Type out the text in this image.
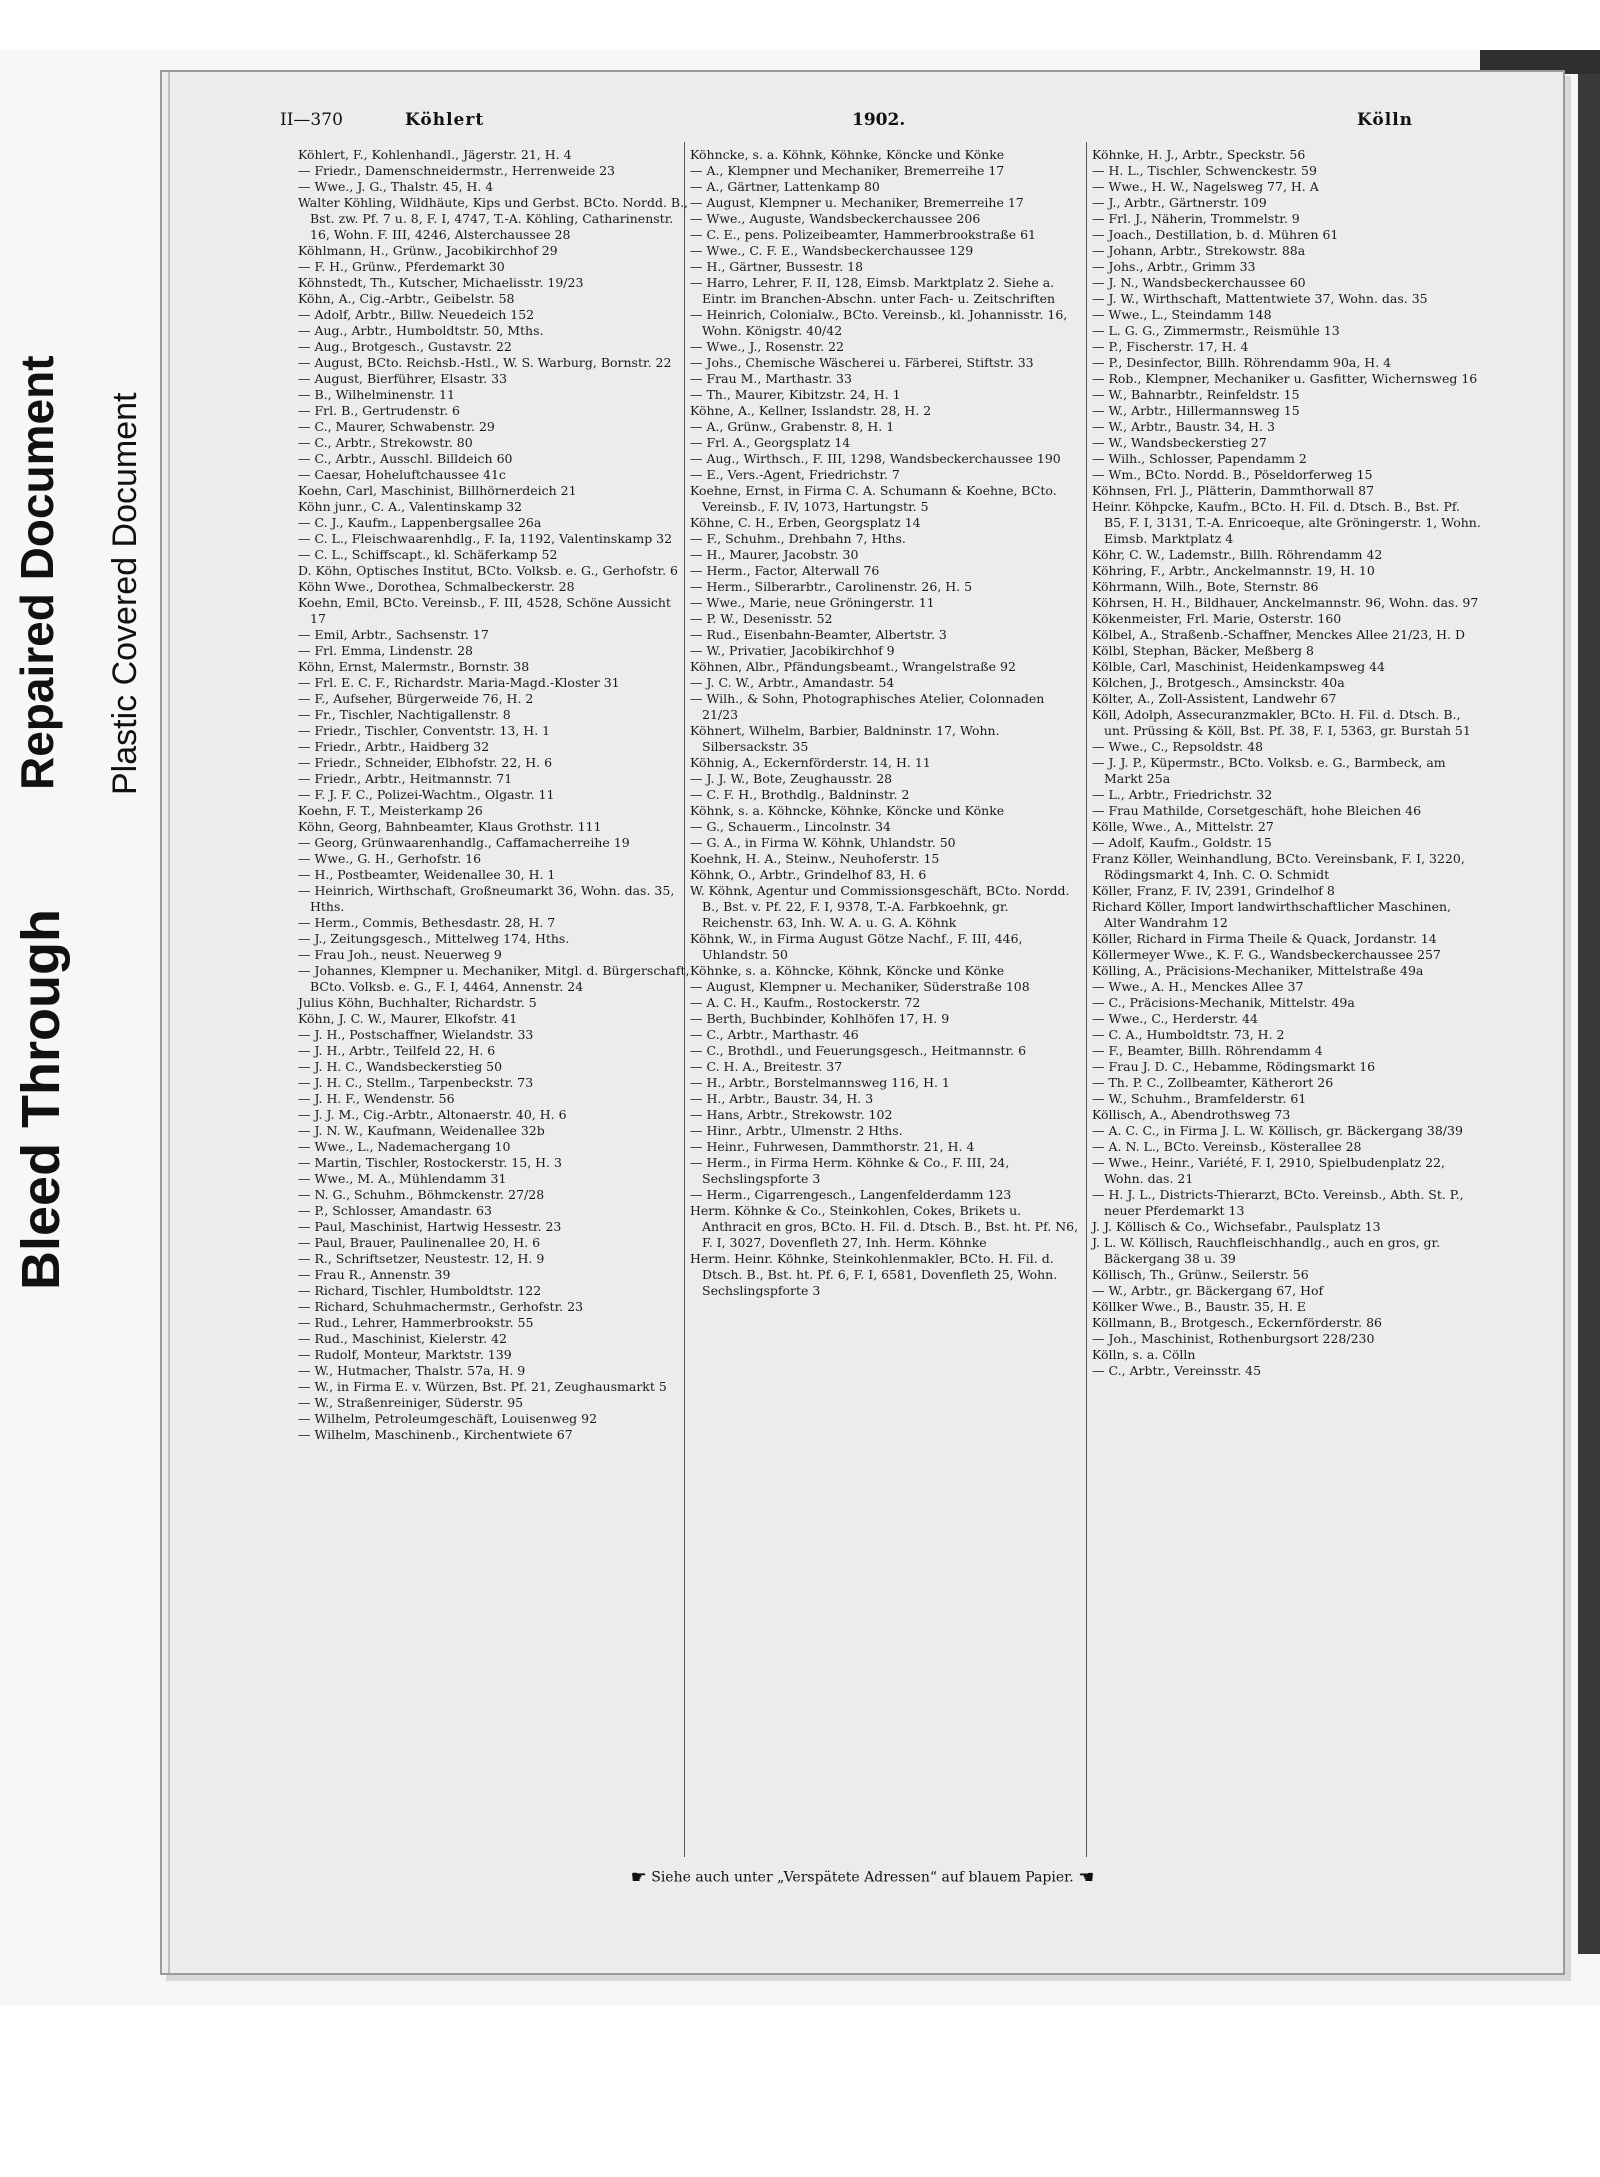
Repaired Document
Bleed Through
Plastic Covered Document
II—370	Köhlert	1902.	Kölln

Köhlert, F., Kohlenhandl., Jägerstr. 21, H. 4

— Friedr., Damenschneidermstr., Herrenweide 23

— Wwe., J. G., Thalstr. 45, H. 4

Walter Köhling, Wildhäute, Kips und Gerbst. BCto. Nordd. B., Bst. zw. Pf. 7 u. 8, F. I, 4747, T.-A. Köhling, Catharinenstr. 16, Wohn. F. III, 4246, Alsterchaussee 28

Köhlmann, H., Grünw., Jacobikirchhof 29

— F. H., Grünw., Pferdemarkt 30

Köhnstedt, Th., Kutscher, Michaelisstr. 19/23

Köhn, A., Cig.-Arbtr., Geibelstr. 58

— Adolf, Arbtr., Billw. Neuedeich 152

— Aug., Arbtr., Humboldtstr. 50, Mths.

— Aug., Brotgesch., Gustavstr. 22

— August, BCto. Reichsb.-Hstl., W. S. Warburg, Bornstr. 22

— August, Bierführer, Elsastr. 33

— B., Wilhelminenstr. 11

— Frl. B., Gertrudenstr. 6

— C., Maurer, Schwabenstr. 29

— C., Arbtr., Strekowstr. 80

— C., Arbtr., Ausschl. Billdeich 60

— Caesar, Hoheluftchaussee 41c

Koehn, Carl, Maschinist, Billhörnerdeich 21

Köhn junr., C. A., Valentinskamp 32

— C. J., Kaufm., Lappenbergsallee 26a

— C. L., Fleischwaarenhdlg., F. Ia, 1192, Valentinskamp 32

— C. L., Schiffscapt., kl. Schäferkamp 52

D. Köhn, Optisches Institut, BCto. Volksb. e. G., Gerhofstr. 6

Köhn Wwe., Dorothea, Schmalbeckerstr. 28

Koehn, Emil, BCto. Vereinsb., F. III, 4528, Schöne Aussicht 17

— Emil, Arbtr., Sachsenstr. 17

— Frl. Emma, Lindenstr. 28

Köhn, Ernst, Malermstr., Bornstr. 38

— Frl. E. C. F., Richardstr. Maria-Magd.-Kloster 31

— F., Aufseher, Bürgerweide 76, H. 2

— Fr., Tischler, Nachtigallenstr. 8

— Friedr., Tischler, Conventstr. 13, H. 1

— Friedr., Arbtr., Haidberg 32

— Friedr., Schneider, Elbhofstr. 22, H. 6

— Friedr., Arbtr., Heitmannstr. 71

— F. J. F. C., Polizei-Wachtm., Olgastr. 11

Koehn, F. T., Meisterkamp 26

Köhn, Georg, Bahnbeamter, Klaus Grothstr. 111

— Georg, Grünwaarenhandlg., Caffamacherreihe 19

— Wwe., G. H., Gerhofstr. 16

— H., Postbeamter, Weidenallee 30, H. 1

— Heinrich, Wirthschaft, Großneumarkt 36, Wohn. das. 35, Hths.

— Herm., Commis, Bethesdastr. 28, H. 7

— J., Zeitungsgesch., Mittelweg 174, Hths.

— Frau Joh., neust. Neuerweg 9

— Johannes, Klempner u. Mechaniker, Mitgl. d. Bürgerschaft, BCto. Volksb. e. G., F. I, 4464, Annenstr. 24

Julius Köhn, Buchhalter, Richardstr. 5

Köhn, J. C. W., Maurer, Elkofstr. 41

— J. H., Postschaffner, Wielandstr. 33

— J. H., Arbtr., Teilfeld 22, H. 6

— J. H. C., Wandsbeckerstieg 50

— J. H. C., Stellm., Tarpenbeckstr. 73

— J. H. F., Wendenstr. 56

— J. J. M., Cig.-Arbtr., Altonaerstr. 40, H. 6

— J. N. W., Kaufmann, Weidenallee 32b

— Wwe., L., Nademachergang 10

— Martin, Tischler, Rostockerstr. 15, H. 3

— Wwe., M. A., Mühlendamm 31

— N. G., Schuhm., Böhmckenstr. 27/28

— P., Schlosser, Amandastr. 63

— Paul, Maschinist, Hartwig Hessestr. 23

— Paul, Brauer, Paulinenallee 20, H. 6

— R., Schriftsetzer, Neustestr. 12, H. 9

— Frau R., Annenstr. 39

— Richard, Tischler, Humboldtstr. 122

— Richard, Schuhmachermstr., Gerhofstr. 23

— Rud., Lehrer, Hammerbrookstr. 55

— Rud., Maschinist, Kielerstr. 42

— Rudolf, Monteur, Marktstr. 139

— W., Hutmacher, Thalstr. 57a, H. 9

— W., in Firma E. v. Würzen, Bst. Pf. 21, Zeughausmarkt 5

— W., Straßenreiniger, Süderstr. 95

— Wilhelm, Petroleumgeschäft, Louisenweg 92

— Wilhelm, Maschinenb., Kirchentwiete 67

Köhncke, s. a. Köhnk, Köhnke, Köncke und Könke

— A., Klempner und Mechaniker, Bremerreihe 17

— A., Gärtner, Lattenkamp 80

— August, Klempner u. Mechaniker, Bremerreihe 17

— Wwe., Auguste, Wandsbeckerchaussee 206

— C. E., pens. Polizeibeamter, Hammerbrookstraße 61

— Wwe., C. F. E., Wandsbeckerchaussee 129

— H., Gärtner, Bussestr. 18

— Harro, Lehrer, F. II, 128, Eimsb. Marktplatz 2. Siehe a. Eintr. im Branchen-Abschn. unter Fach- u. Zeitschriften

— Heinrich, Colonialw., BCto. Vereinsb., kl. Johannisstr. 16, Wohn. Königstr. 40/42

— Wwe., J., Rosenstr. 22

— Johs., Chemische Wäscherei u. Färberei, Stiftstr. 33

— Frau M., Marthastr. 33

— Th., Maurer, Kibitzstr. 24, H. 1

Köhne, A., Kellner, Isslandstr. 28, H. 2

— A., Grünw., Grabenstr. 8, H. 1

— Frl. A., Georgsplatz 14

— Aug., Wirthsch., F. III, 1298, Wandsbeckerchaussee 190

— E., Vers.-Agent, Friedrichstr. 7

Koehne, Ernst, in Firma C. A. Schumann & Koehne, BCto. Vereinsb., F. IV, 1073, Hartungstr. 5

Köhne, C. H., Erben, Georgsplatz 14

— F., Schuhm., Drehbahn 7, Hths.

— H., Maurer, Jacobstr. 30

— Herm., Factor, Alterwall 76

— Herm., Silberarbtr., Carolinenstr. 26, H. 5

— Wwe., Marie, neue Gröningerstr. 11

— P. W., Desenisstr. 52

— Rud., Eisenbahn-Beamter, Albertstr. 3

— W., Privatier, Jacobikirchhof 9

Köhnen, Albr., Pfändungsbeamt., Wrangelstraße 92

— J. C. W., Arbtr., Amandastr. 54

— Wilh., & Sohn, Photographisches Atelier, Colonnaden 21/23

Köhnert, Wilhelm, Barbier, Baldninstr. 17, Wohn. Silbersackstr. 35

Köhnig, A., Eckernförderstr. 14, H. 11

— J. J. W., Bote, Zeughausstr. 28

— C. F. H., Brothdlg., Baldninstr. 2

Köhnk, s. a. Köhncke, Köhnke, Köncke und Könke

— G., Schauerm., Lincolnstr. 34

— G. A., in Firma W. Köhnk, Uhlandstr. 50

Koehnk, H. A., Steinw., Neuhoferstr. 15

Köhnk, O., Arbtr., Grindelhof 83, H. 6

W. Köhnk, Agentur und Commissionsgeschäft, BCto. Nordd. B., Bst. v. Pf. 22, F. I, 9378, T.-A. Farbkoehnk, gr. Reichenstr. 63, Inh. W. A. u. G. A. Köhnk

Köhnk, W., in Firma August Götze Nachf., F. III, 446, Uhlandstr. 50

Köhnke, s. a. Köhncke, Köhnk, Köncke und Könke

— August, Klempner u. Mechaniker, Süderstraße 108

— A. C. H., Kaufm., Rostockerstr. 72

— Berth, Buchbinder, Kohlhöfen 17, H. 9

— C., Arbtr., Marthastr. 46

— C., Brothdl., und Feuerungsgesch., Heitmannstr. 6

— C. H. A., Breitestr. 37

— H., Arbtr., Borstelmannsweg 116, H. 1

— H., Arbtr., Baustr. 34, H. 3

— Hans, Arbtr., Strekowstr. 102

— Hinr., Arbtr., Ulmenstr. 2 Hths.

— Heinr., Fuhrwesen, Dammthorstr. 21, H. 4

— Herm., in Firma Herm. Köhnke & Co., F. III, 24, Sechslingspforte 3

— Herm., Cigarrengesch., Langenfelderdamm 123

Herm. Köhnke & Co., Steinkohlen, Cokes, Brikets u. Anthracit en gros, BCto. H. Fil. d. Dtsch. B., Bst. ht. Pf. N6, F. I, 3027, Dovenfleth 27, Inh. Herm. Köhnke

Herm. Heinr. Köhnke, Steinkohlenmakler, BCto. H. Fil. d. Dtsch. B., Bst. ht. Pf. 6, F. I, 6581, Dovenfleth 25, Wohn. Sechslingspforte 3

Köhnke, H. J., Arbtr., Speckstr. 56

— H. L., Tischler, Schwenckestr. 59

— Wwe., H. W., Nagelsweg 77, H. A

— J., Arbtr., Gärtnerstr. 109

— Frl. J., Näherin, Trommelstr. 9

— Joach., Destillation, b. d. Mühren 61

— Johann, Arbtr., Strekowstr. 88a

— Johs., Arbtr., Grimm 33

— J. N., Wandsbeckerchaussee 60

— J. W., Wirthschaft, Mattentwiete 37, Wohn. das. 35

— Wwe., L., Steindamm 148

— L. G. G., Zimmermstr., Reismühle 13

— P., Fischerstr. 17, H. 4

— P., Desinfector, Billh. Röhrendamm 90a, H. 4

— Rob., Klempner, Mechaniker u. Gasfitter, Wichernsweg 16

— W., Bahnarbtr., Reinfeldstr. 15

— W., Arbtr., Hillermannsweg 15

— W., Arbtr., Baustr. 34, H. 3

— W., Wandsbeckerstieg 27

— Wilh., Schlosser, Papendamm 2

— Wm., BCto. Nordd. B., Pöseldorferweg 15

Köhnsen, Frl. J., Plätterin, Dammthorwall 87

Heinr. Köhpcke, Kaufm., BCto. H. Fil. d. Dtsch. B., Bst. Pf. B5, F. I, 3131, T.-A. Enricoeque, alte Gröningerstr. 1, Wohn. Eimsb. Marktplatz 4

Köhr, C. W., Lademstr., Billh. Röhrendamm 42

Köhring, F., Arbtr., Anckelmannstr. 19, H. 10

Köhrmann, Wilh., Bote, Sternstr. 86

Köhrsen, H. H., Bildhauer, Anckelmannstr. 96, Wohn. das. 97

Kökenmeister, Frl. Marie, Osterstr. 160

Kölbel, A., Straßenb.-Schaffner, Menckes Allee 21/23, H. D

Kölbl, Stephan, Bäcker, Meßberg 8

Kölble, Carl, Maschinist, Heidenkampsweg 44

Kölchen, J., Brotgesch., Amsinckstr. 40a

Költer, A., Zoll-Assistent, Landwehr 67

Köll, Adolph, Assecuranzmakler, BCto. H. Fil. d. Dtsch. B., unt. Prüssing & Köll, Bst. Pf. 38, F. I, 5363, gr. Burstah 51

— Wwe., C., Repsoldstr. 48

— J. J. P., Küpermstr., BCto. Volksb. e. G., Barmbeck, am Markt 25a

— L., Arbtr., Friedrichstr. 32

— Frau Mathilde, Corsetgeschäft, hohe Bleichen 46

Kölle, Wwe., A., Mittelstr. 27

— Adolf, Kaufm., Goldstr. 15

Franz Köller, Weinhandlung, BCto. Vereinsbank, F. I, 3220, Rödingsmarkt 4, Inh. C. O. Schmidt

Köller, Franz, F. IV, 2391, Grindelhof 8

Richard Köller, Import landwirthschaftlicher Maschinen, Alter Wandrahm 12

Köller, Richard in Firma Theile & Quack, Jordanstr. 14

Köllermeyer Wwe., K. F. G., Wandsbeckerchaussee 257

Kölling, A., Präcisions-Mechaniker, Mittelstraße 49a

— Wwe., A. H., Menckes Allee 37

— C., Präcisions-Mechanik, Mittelstr. 49a

— Wwe., C., Herderstr. 44

— C. A., Humboldtstr. 73, H. 2

— F., Beamter, Billh. Röhrendamm 4

— Frau J. D. C., Hebamme, Rödingsmarkt 16

— Th. P. C., Zollbeamter, Kätherort 26

— W., Schuhm., Bramfelderstr. 61

Köllisch, A., Abendrothsweg 73

— A. C. C., in Firma J. L. W. Köllisch, gr. Bäckergang 38/39

— A. N. L., BCto. Vereinsb., Kösterallee 28

— Wwe., Heinr., Variété, F. I, 2910, Spielbudenplatz 22, Wohn. das. 21

— H. J. L., Districts-Thierarzt, BCto. Vereinsb., Abth. St. P., neuer Pferdemarkt 13

J. J. Köllisch & Co., Wichsefabr., Paulsplatz 13

J. L. W. Köllisch, Rauchfleischhandlg., auch en gros, gr. Bäckergang 38 u. 39

Köllisch, Th., Grünw., Seilerstr. 56

— W., Arbtr., gr. Bäckergang 67, Hof

Köllker Wwe., B., Baustr. 35, H. E

Köllmann, B., Brotgesch., Eckernförderstr. 86

— Joh., Maschinist, Rothenburgsort 228/230

Kölln, s. a. Cölln

— C., Arbtr., Vereinsstr. 45

☛ Siehe auch unter „Verspätete Adressen“ auf blauem Papier. ☚
